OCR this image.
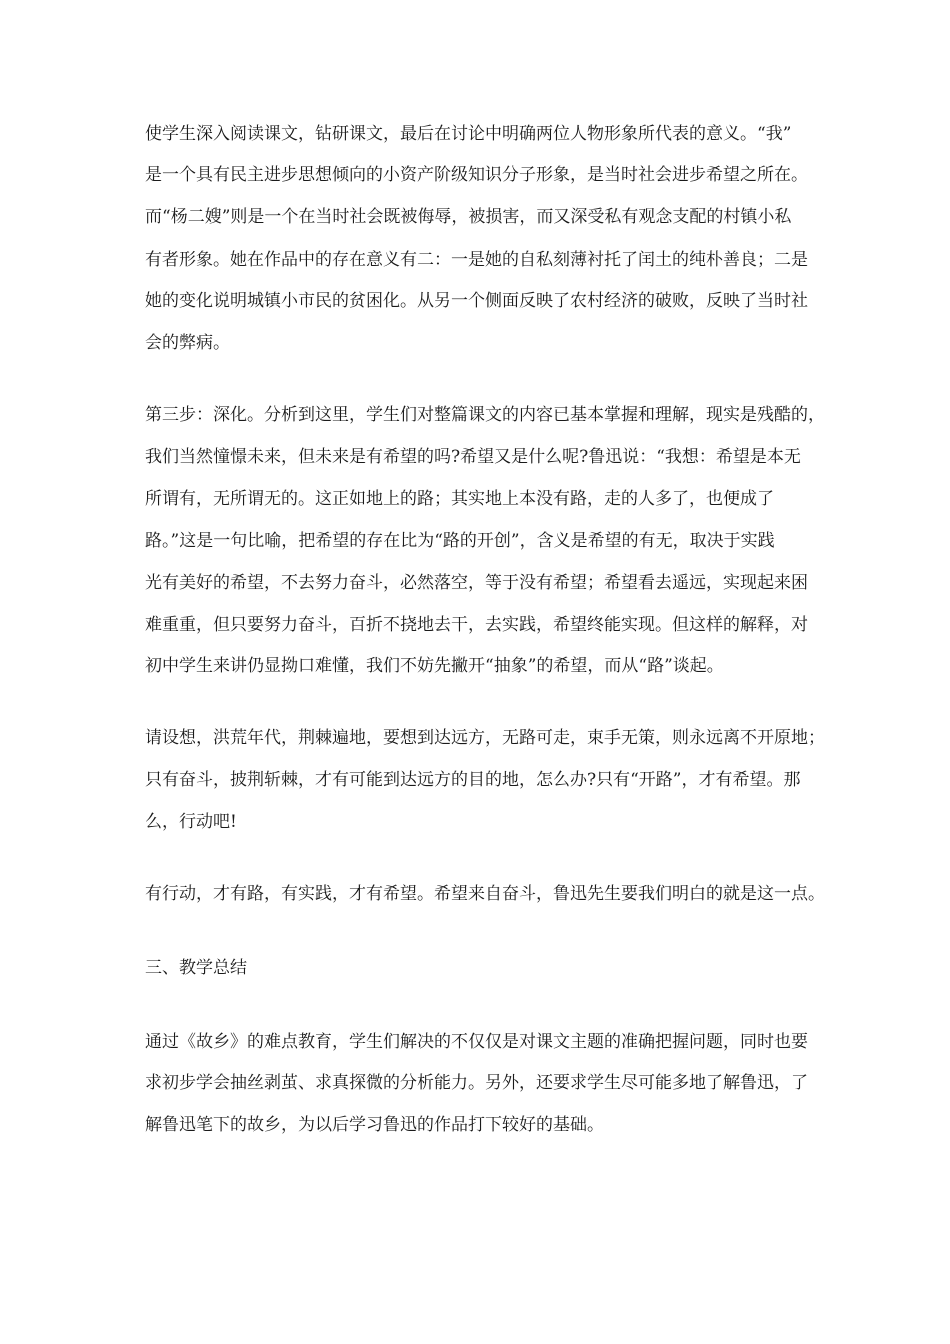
使学生深入阅读课文，钻研课文，最后在讨论中明确两位人物形象所代表的意义。“我”
是一个具有民主进步思想倾向的小资产阶级知识分子形象，是当时社会进步希望之所在。
而“杨二嫂”则是一个在当时社会既被侮辱，被损害，而又深受私有观念支配的村镇小私
有者形象。她在作品中的存在意义有二：一是她的自私刻薄衬托了闰土的纯朴善良；二是
她的变化说明城镇小市民的贫困化。从另一个侧面反映了农村经济的破败，反映了当时社
会的弊病。
第三步：深化。分析到这里，学生们对整篇课文的内容已基本掌握和理解，现实是残酷的，
我们当然憧憬未来，但未来是有希望的吗?希望又是什么呢?鲁迅说：“我想：希望是本无
所谓有，无所谓无的。这正如地上的路；其实地上本没有路，走的人多了，也便成了
路。”这是一句比喻，把希望的存在比为“路的开创”，含义是希望的有无，取决于实践
光有美好的希望，不去努力奋斗，必然落空，等于没有希望；希望看去遥远，实现起来困
难重重，但只要努力奋斗，百折不挠地去干，去实践，希望终能实现。但这样的解释，对
初中学生来讲仍显拗口难懂，我们不妨先撇开“抽象”的希望，而从“路”谈起。
请设想，洪荒年代，荆棘遍地，要想到达远方，无路可走，束手无策，则永远离不开原地；
只有奋斗，披荆斩棘，才有可能到达远方的目的地，怎么办?只有“开路”，才有希望。那
么，行动吧!
有行动，才有路，有实践，才有希望。希望来自奋斗，鲁迅先生要我们明白的就是这一点。
三、教学总结
通过《故乡》的难点教育，学生们解决的不仅仅是对课文主题的准确把握问题，同时也要
求初步学会抽丝剥茧、求真探微的分析能力。另外，还要求学生尽可能多地了解鲁迅，了
解鲁迅笔下的故乡，为以后学习鲁迅的作品打下较好的基础。
